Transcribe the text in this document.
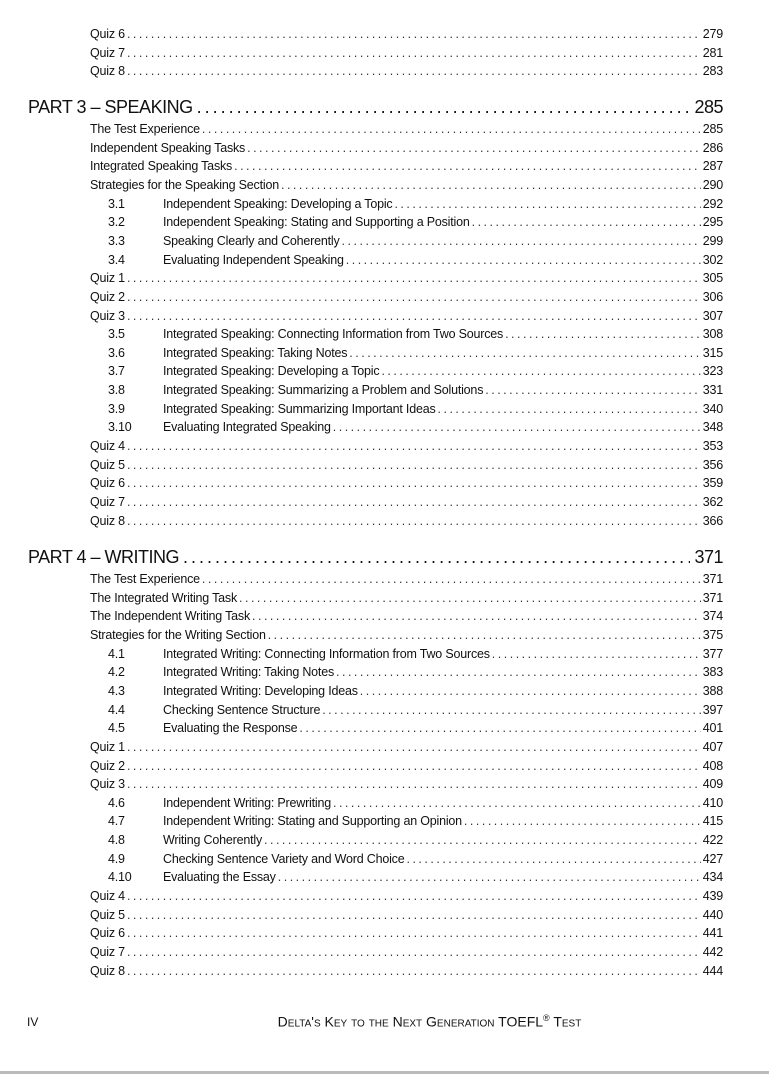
Quiz 6 .....	279
Quiz 7 .....	281
Quiz 8 .....	283
PART 3 – SPEAKING .....	285
The Test Experience .....	285
Independent Speaking Tasks .....	286
Integrated Speaking Tasks .....	287
Strategies for the Speaking Section .....	290
3.1	Independent Speaking: Developing a Topic .....	292
3.2	Independent Speaking: Stating and Supporting a Position .....	295
3.3	Speaking Clearly and Coherently .....	299
3.4	Evaluating Independent Speaking .....	302
Quiz 1 .....	305
Quiz 2 .....	306
Quiz 3 .....	307
3.5	Integrated Speaking: Connecting Information from Two Sources .....	308
3.6	Integrated Speaking: Taking Notes .....	315
3.7	Integrated Speaking: Developing a Topic .....	323
3.8	Integrated Speaking: Summarizing a Problem and Solutions .....	331
3.9	Integrated Speaking: Summarizing Important Ideas .....	340
3.10	Evaluating Integrated Speaking .....	348
Quiz 4 .....	353
Quiz 5 .....	356
Quiz 6 .....	359
Quiz 7 .....	362
Quiz 8 .....	366
PART 4 – WRITING .....	371
The Test Experience .....	371
The Integrated Writing Task .....	371
The Independent Writing Task .....	374
Strategies for the Writing Section .....	375
4.1	Integrated Writing: Connecting Information from Two Sources .....	377
4.2	Integrated Writing: Taking Notes .....	383
4.3	Integrated Writing: Developing Ideas .....	388
4.4	Checking Sentence Structure .....	397
4.5	Evaluating the Response .....	401
Quiz 1 .....	407
Quiz 2 .....	408
Quiz 3 .....	409
4.6	Independent Writing: Prewriting .....	410
4.7	Independent Writing: Stating and Supporting an Opinion .....	415
4.8	Writing Coherently .....	422
4.9	Checking Sentence Variety and Word Choice .....	427
4.10	Evaluating the Essay .....	434
Quiz 4 .....	439
Quiz 5 .....	440
Quiz 6 .....	441
Quiz 7 .....	442
Quiz 8 .....	444
IV	Delta's Key to the Next Generation TOEFL® Test
